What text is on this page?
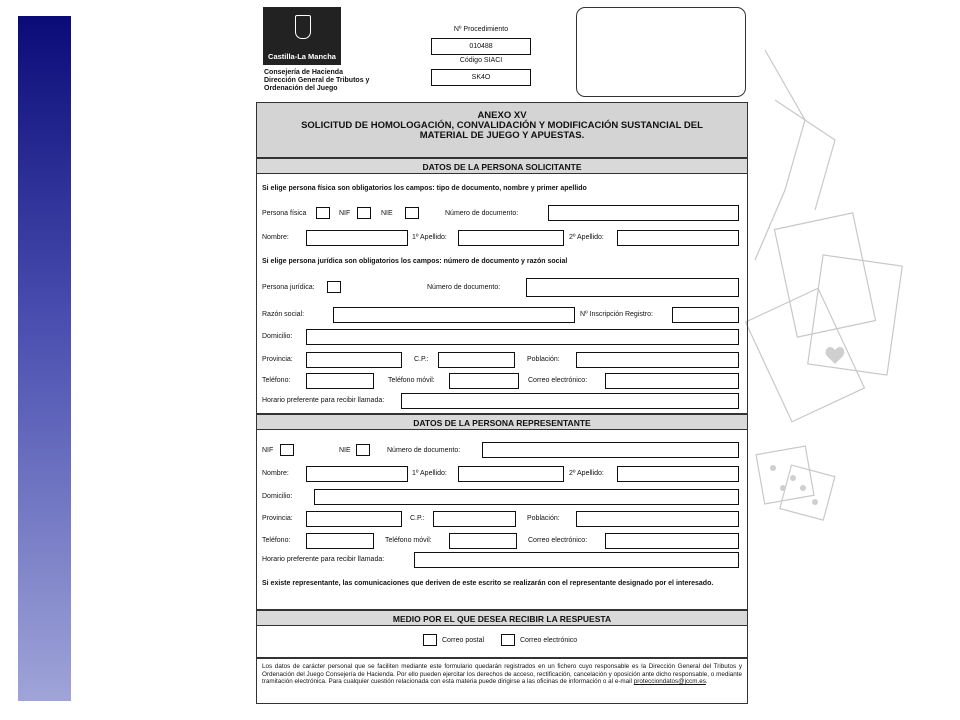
Castilla-La Mancha
Consejería de Hacienda
Dirección General de Tributos y
Ordenación del Juego
Nº Procedimiento
010488
Código SIACI
SK4O
ANEXO XV
SOLICITUD DE HOMOLOGACIÓN, CONVALIDACIÓN Y MODIFICACIÓN SUSTANCIAL DEL
MATERIAL DE JUEGO Y APUESTAS.
DATOS DE LA PERSONA SOLICITANTE
Si elige persona física son obligatorios los campos: tipo de documento, nombre y primer apellido
Persona física	NIF	NIE	Número de documento:
Nombre:	1º Apellido:	2º Apellido:
Si elige persona jurídica son obligatorios los campos: número de documento y razón social
Persona jurídica:	Número de documento:
Razón social:	Nº Inscripción Registro:
Domicilio:
Provincia:	C.P.:	Población:
Teléfono:	Teléfono móvil:	Correo electrónico:
Horario preferente para recibir llamada:
DATOS DE LA PERSONA REPRESENTANTE
NIF	NIE	Número de documento:
Nombre:	1º Apellido:	2º Apellido:
Domicilio:
Provincia:	C.P.:	Población:
Teléfono:	Teléfono móvil:	Correo electrónico:
Horario preferente para recibir llamada:
Si existe representante, las comunicaciones que deriven de este escrito se realizarán con el representante designado por el interesado.
MEDIO POR EL QUE DESEA RECIBIR LA RESPUESTA
Correo postal	Correo electrónico
Los datos de carácter personal que se faciliten mediante este formulario quedarán registrados en un fichero cuyo responsable es la Dirección General del Tributos y Ordenación del Juego Consejería de Hacienda. Por ello pueden ejercitar los derechos de acceso, rectificación, cancelación y oposición ante dicho responsable, o mediante tramitación electrónica. Para cualquier cuestión relacionada con esta materia puede dirigirse a las oficinas de información o al e-mail protecciondatos@jccm.es.
